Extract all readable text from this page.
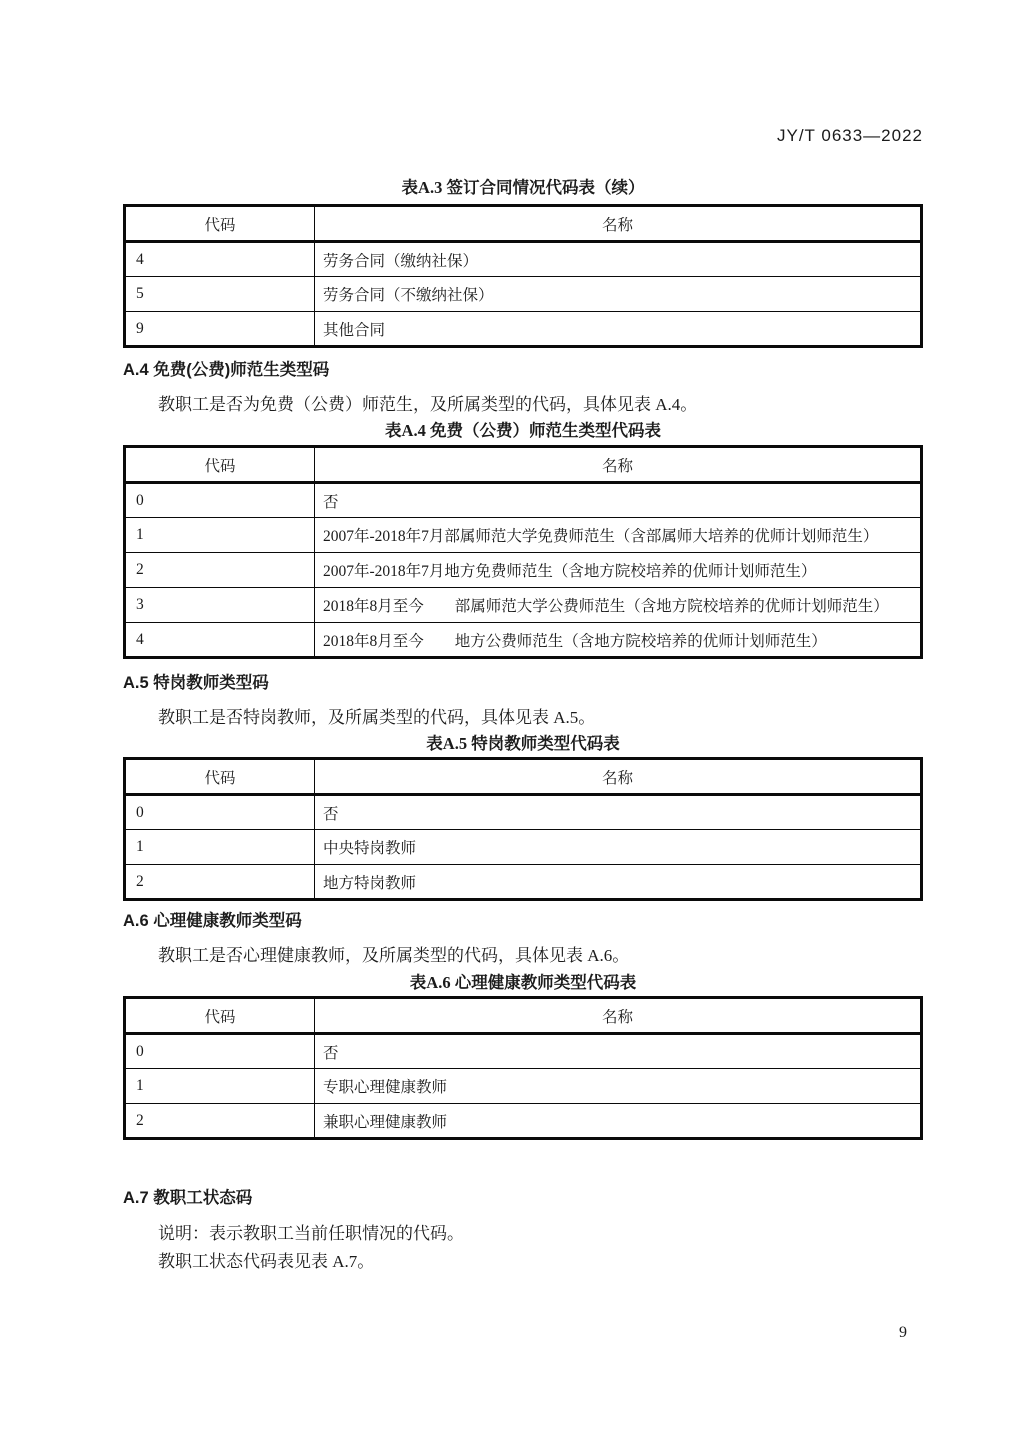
JY/T 0633—2022
表A.3 签订合同情况代码表（续）
代码	名称
4	劳务合同（缴纳社保）
5	劳务合同（不缴纳社保）
9	其他合同
A.4 免费(公费)师范生类型码
教职工是否为免费（公费）师范生，及所属类型的代码，具体见表 A.4。
表A.4 免费（公费）师范生类型代码表
代码	名称
0	否
1	2007年-2018年7月部属师范大学免费师范生（含部属师大培养的优师计划师范生）
2	2007年-2018年7月地方免费师范生（含地方院校培养的优师计划师范生）
3	2018年8月至今　　部属师范大学公费师范生（含地方院校培养的优师计划师范生）
4	2018年8月至今　　地方公费师范生（含地方院校培养的优师计划师范生）
A.5 特岗教师类型码
教职工是否特岗教师，及所属类型的代码，具体见表 A.5。
表A.5 特岗教师类型代码表
代码	名称
0	否
1	中央特岗教师
2	地方特岗教师
A.6 心理健康教师类型码
教职工是否心理健康教师，及所属类型的代码，具体见表 A.6。
表A.6 心理健康教师类型代码表
代码	名称
0	否
1	专职心理健康教师
2	兼职心理健康教师
A.7 教职工状态码
说明：表示教职工当前任职情况的代码。
教职工状态代码表见表 A.7。
9
